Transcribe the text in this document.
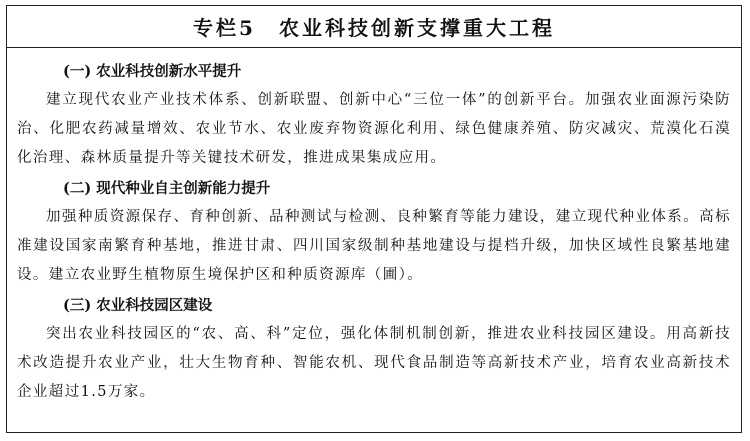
专栏5　农业科技创新支撑重大工程
(一) 农业科技创新水平提升

建立现代农业产业技术体系、创新联盟、创新中心“三位一体”的创新平台。加强农业面源污染防治、化肥农药减量增效、农业节水、农业废弃物资源化利用、绿色健康养殖、防灾减灾、荒漠化石漠化治理、森林质量提升等关键技术研发，推进成果集成应用。

(二) 现代种业自主创新能力提升

加强种质资源保存、育种创新、品种测试与检测、良种繁育等能力建设，建立现代种业体系。高标准建设国家南繁育种基地，推进甘肃、四川国家级制种基地建设与提档升级，加快区域性良繁基地建设。建立农业野生植物原生境保护区和种质资源库（圃）。

(三) 农业科技园区建设

突出农业科技园区的“农、高、科”定位，强化体制机制创新，推进农业科技园区建设。用高新技术改造提升农业产业，壮大生物育种、智能农机、现代食品制造等高新技术产业，培育农业高新技术企业超过1.5万家。
